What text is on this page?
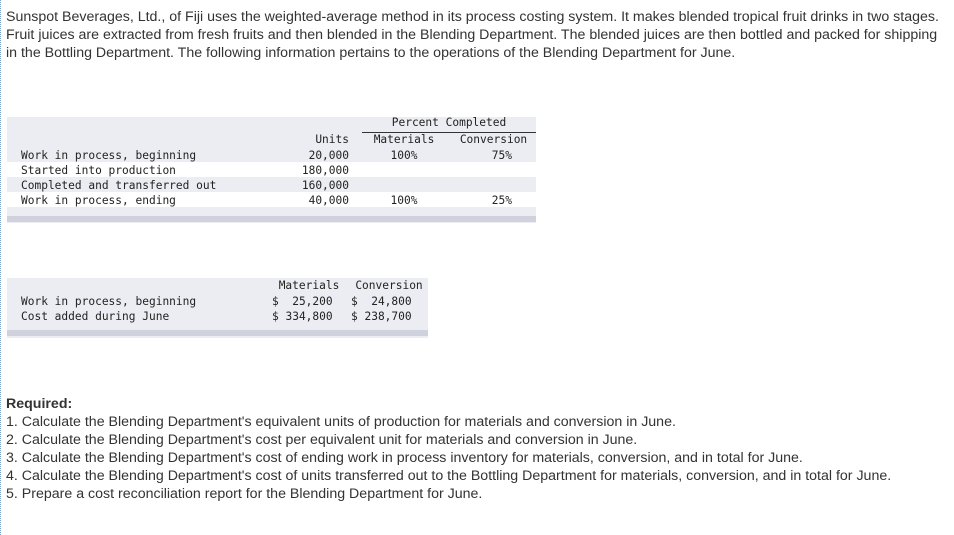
Sunspot Beverages, Ltd., of Fiji uses the weighted-average method in its process costing system. It makes blended tropical fruit drinks in two stages. Fruit juices are extracted from fresh fruits and then blended in the Blending Department. The blended juices are then bottled and packed for shipping in the Bottling Department. The following information pertains to the operations of the Blending Department for June.

Percent Completed
Units	Materials	Conversion
Work in process, beginning	20,000	100%	75%
Started into production	180,000
Completed and transferred out	160,000
Work in process, ending	40,000	100%	25%
Materials	Conversion
Work in process, beginning	$  25,200 $  24,800
Cost added during June	$ 334,800 $ 238,700

Required:

1. Calculate the Blending Department's equivalent units of production for materials and conversion in June.

2. Calculate the Blending Department's cost per equivalent unit for materials and conversion in June.

3. Calculate the Blending Department's cost of ending work in process inventory for materials, conversion, and in total for June.

4. Calculate the Blending Department's cost of units transferred out to the Bottling Department for materials, conversion, and in total for June.

5. Prepare a cost reconciliation report for the Blending Department for June.
